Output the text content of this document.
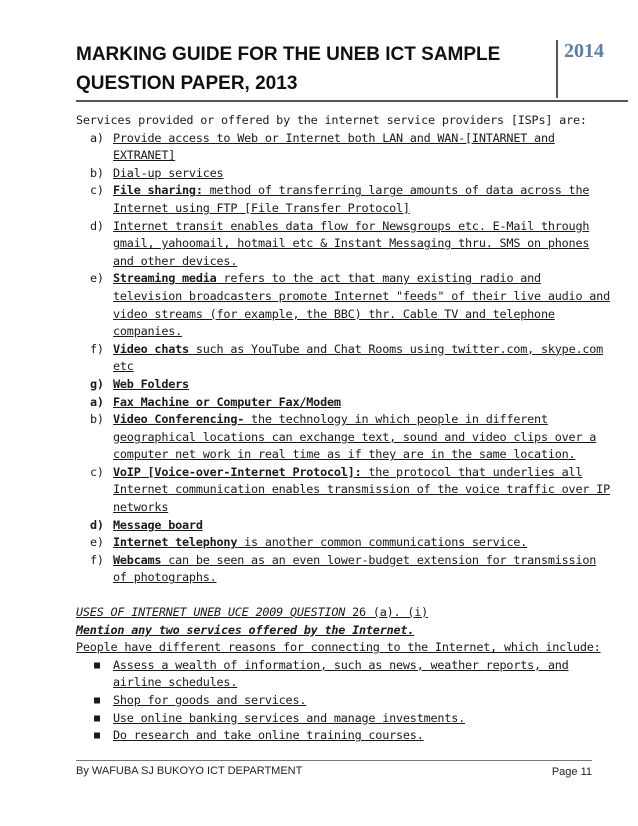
MARKING GUIDE FOR THE UNEB ICT SAMPLE QUESTION PAPER, 2013
2014

Services provided or offered by the internet service providers [ISPs] are:

a) Provide access to Web or Internet both LAN and WAN-[INTARNET and EXTRANET]

b) Dial-up services

c) File sharing: method of transferring large amounts of data across the Internet using FTP [File Transfer Protocol]

d) Internet transit enables data flow for Newsgroups etc. E-Mail through gmail, yahoomail, hotmail etc & Instant Messaging thru. SMS on phones and other devices.

e) Streaming media refers to the act that many existing radio and television broadcasters promote Internet "feeds" of their live audio and video streams (for example, the BBC) thr. Cable TV and telephone companies.

f) Video chats such as YouTube and Chat Rooms using twitter.com, skype.com etc

g) Web Folders

a) Fax Machine or Computer Fax/Modem

b) Video Conferencing- the technology in which people in different geographical locations can exchange text, sound and video clips over a computer net work in real time as if they are in the same location.

c) VoIP [Voice-over-Internet Protocol]: the protocol that underlies all Internet communication enables transmission of the voice traffic over IP networks

d) Message board

e) Internet telephony is another common communications service.

f) Webcams can be seen as an even lower-budget extension for transmission of photographs.

USES OF INTERNET UNEB UCE 2009 QUESTION 26 (a). (i)

Mention any two services offered by the Internet.

People have different reasons for connecting to the Internet, which include:

■ Assess a wealth of information, such as news, weather reports, and airline schedules.

■ Shop for goods and services.

■ Use online banking services and manage investments.

■ Do research and take online training courses.

By WAFUBA SJ BUKOYO ICT DEPARTMENT	Page 11
